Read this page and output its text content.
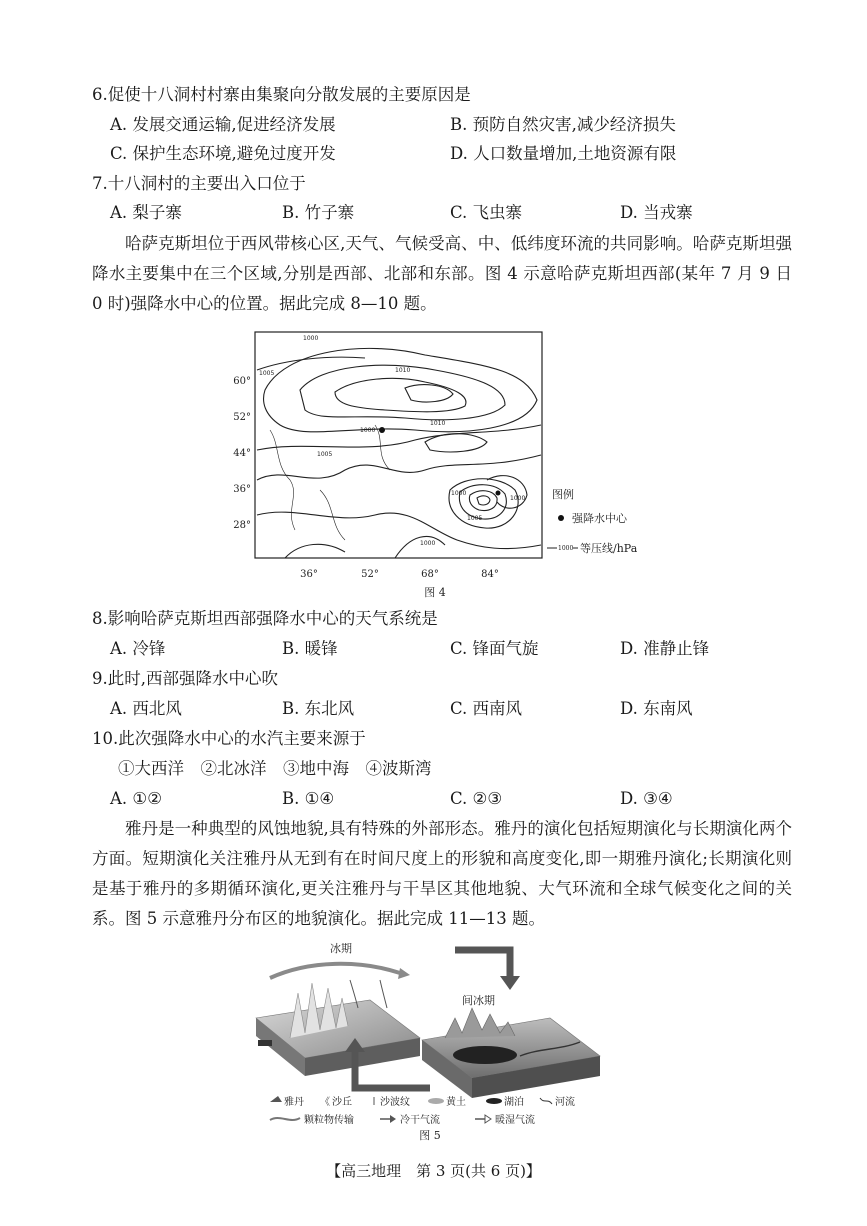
6.促使十八洞村村寨由集聚向分散发展的主要原因是
A. 发展交通运输,促进经济发展	B. 预防自然灾害,减少经济损失
C. 保护生态环境,避免过度开发	D. 人口数量增加,土地资源有限
7.十八洞村的主要出入口位于
A. 梨子寨	B. 竹子寨	C. 飞虫寨	D. 当戎寨
哈萨克斯坦位于西风带核心区,天气、气候受高、中、低纬度环流的共同影响。哈萨克斯坦强降水主要集中在三个区域,分别是西部、北部和东部。图 4 示意哈萨克斯坦西部(某年 7 月 9 日 0 时)强降水中心的位置。据此完成 8—10 题。
1000
1005	1010
1000
1010
1005
1000
1005
1000
1000
60°
52°
44°
36°
28°
36°	52°	68°	84°
图例
强降水中心
1000 等压线/hPa
图 4
8.影响哈萨克斯坦西部强降水中心的天气系统是
A. 冷锋	B. 暖锋	C. 锋面气旋	D. 准静止锋
9.此时,西部强降水中心吹
A. 西北风	B. 东北风	C. 西南风	D. 东南风
10.此次强降水中心的水汽主要来源于
①大西洋　②北冰洋　③地中海　④波斯湾
A. ①②	B. ①④	C. ②③	D. ③④
雅丹是一种典型的风蚀地貌,具有特殊的外部形态。雅丹的演化包括短期演化与长期演化两个方面。短期演化关注雅丹从无到有在时间尺度上的形貌和高度变化,即一期雅丹演化;长期演化则是基于雅丹的多期循环演化,更关注雅丹与干旱区其他地貌、大气环流和全球气候变化之间的关系。图 5 示意雅丹分布区的地貌演化。据此完成 11—13 题。
冰期
间冰期
雅丹 《 沙丘	沙波纹	黄土	湖泊	河流
颗粒物传输	冷干气流	暖湿气流
图 5
【高三地理　第 3 页(共 6 页)】
